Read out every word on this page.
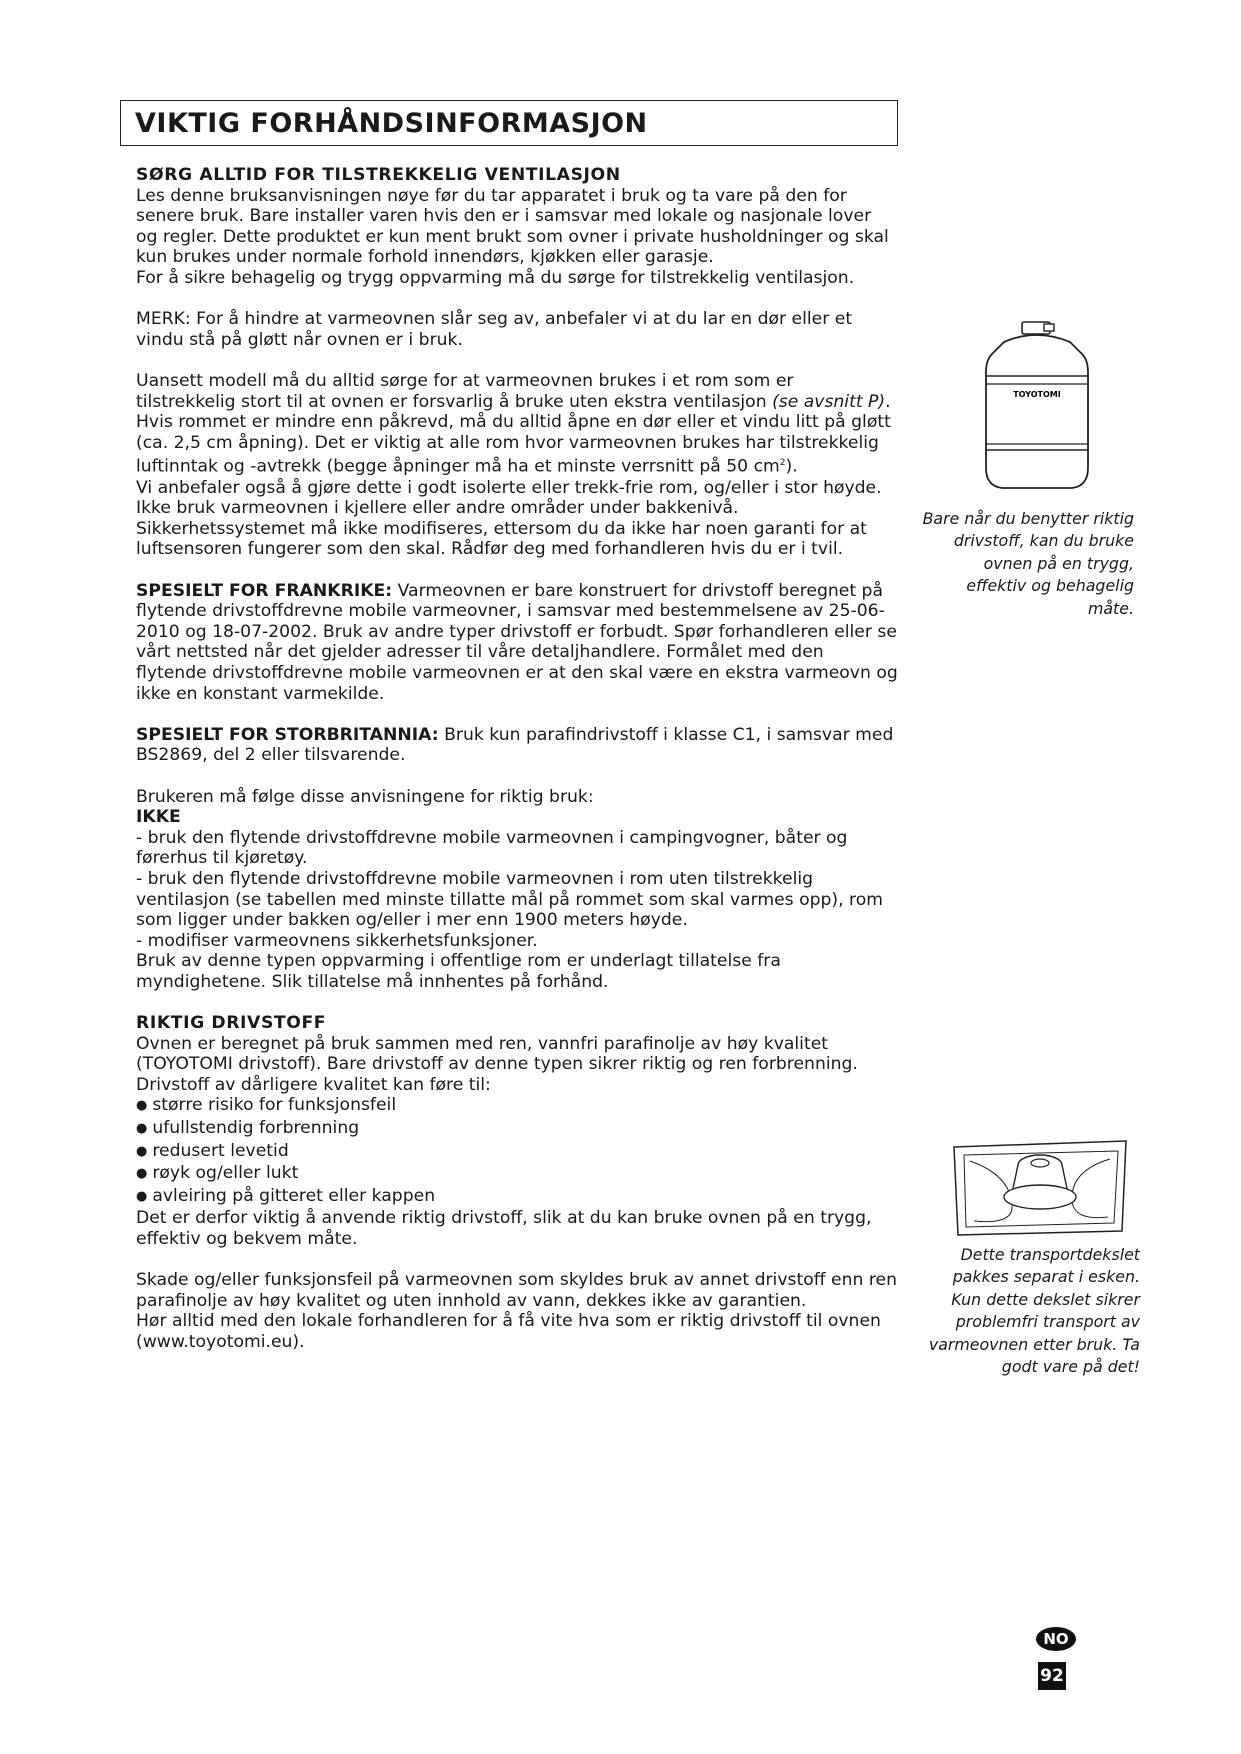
VIKTIG FORHÅNDSINFORMASJON

SØRG ALLTID FOR TILSTREKKELIG VENTILASJON

Les denne bruksanvisningen nøye før du tar apparatet i bruk og ta vare på den for senere bruk. Bare installer varen hvis den er i samsvar med lokale og nasjonale lover og regler. Dette produktet er kun ment brukt som ovner i private husholdninger og skal kun brukes under normale forhold innendørs, kjøkken eller garasje.

For å sikre behagelig og trygg oppvarming må du sørge for tilstrekkelig ventilasjon.

MERK: For å hindre at varmeovnen slår seg av, anbefaler vi at du lar en dør eller et vindu stå på gløtt når ovnen er i bruk.

Uansett modell må du alltid sørge for at varmeovnen brukes i et rom som er tilstrekkelig stort til at ovnen er forsvarlig å bruke uten ekstra ventilasjon (se avsnitt P). Hvis rommet er mindre enn påkrevd, må du alltid åpne en dør eller et vindu litt på gløtt (ca. 2,5 cm åpning). Det er viktig at alle rom hvor varmeovnen brukes har tilstrekkelig luftinntak og -avtrekk (begge åpninger må ha et minste verrsnitt på 50 $cm^2$).

Vi anbefaler også å gjøre dette i godt isolerte eller trekk-frie rom, og/eller i stor høyde. Ikke bruk varmeovnen i kjellere eller andre områder under bakkenivå.

Sikkerhetssystemet må ikke modifiseres, ettersom du da ikke har noen garanti for at luftsensoren fungerer som den skal. Rådfør deg med forhandleren hvis du er i tvil.

SPESIELT FOR FRANKRIKE: Varmeovnen er bare konstruert for drivstoff beregnet på flytende drivstoffdrevne mobile varmeovner, i samsvar med bestemmelsene av 25-06-2010 og 18-07-2002. Bruk av andre typer drivstoff er forbudt. Spør forhandleren eller se vårt nettsted når det gjelder adresser til våre detaljhandlere. Formålet med den flytende drivstoffdrevne mobile varmeovnen er at den skal være en ekstra varmeovn og ikke en konstant varmekilde.

SPESIELT FOR STORBRITANNIA: Bruk kun parafindrivstoff i klasse C1, i samsvar med BS2869, del 2 eller tilsvarende.

Brukeren må følge disse anvisningene for riktig bruk:

IKKE

- bruk den flytende drivstoffdrevne mobile varmeovnen i campingvogner, båter og førerhus til kjøretøy.

- bruk den flytende drivstoffdrevne mobile varmeovnen i rom uten tilstrekkelig ventilasjon (se tabellen med minste tillatte mål på rommet som skal varmes opp), rom som ligger under bakken og/eller i mer enn 1900 meters høyde.

- modifiser varmeovnens sikkerhetsfunksjoner.

Bruk av denne typen oppvarming i offentlige rom er underlagt tillatelse fra myndighetene. Slik tillatelse må innhentes på forhånd.

RIKTIG DRIVSTOFF

Ovnen er beregnet på bruk sammen med ren, vannfri parafinolje av høy kvalitet (TOYOTOMI drivstoff). Bare drivstoff av denne typen sikrer riktig og ren forbrenning. Drivstoff av dårligere kvalitet kan føre til:

● større risiko for funksjonsfeil

● ufullstendig forbrenning

● redusert levetid

● røyk og/eller lukt

● avleiring på gitteret eller kappen

Det er derfor viktig å anvende riktig drivstoff, slik at du kan bruke ovnen på en trygg, effektiv og bekvem måte.

Skade og/eller funksjonsfeil på varmeovnen som skyldes bruk av annet drivstoff enn ren parafinolje av høy kvalitet og uten innhold av vann, dekkes ikke av garantien.

Hør alltid med den lokale forhandleren for å få vite hva som er riktig drivstoff til ovnen (www.toyotomi.eu).

TOYOTOMI
Bare når du benytter riktig drivstoff, kan du bruke ovnen på en trygg, effektiv og behagelig måte.
Dette transportdekslet pakkes separat i esken. Kun dette dekslet sikrer problemfri transport av varmeovnen etter bruk. Ta godt vare på det!
NO
92
